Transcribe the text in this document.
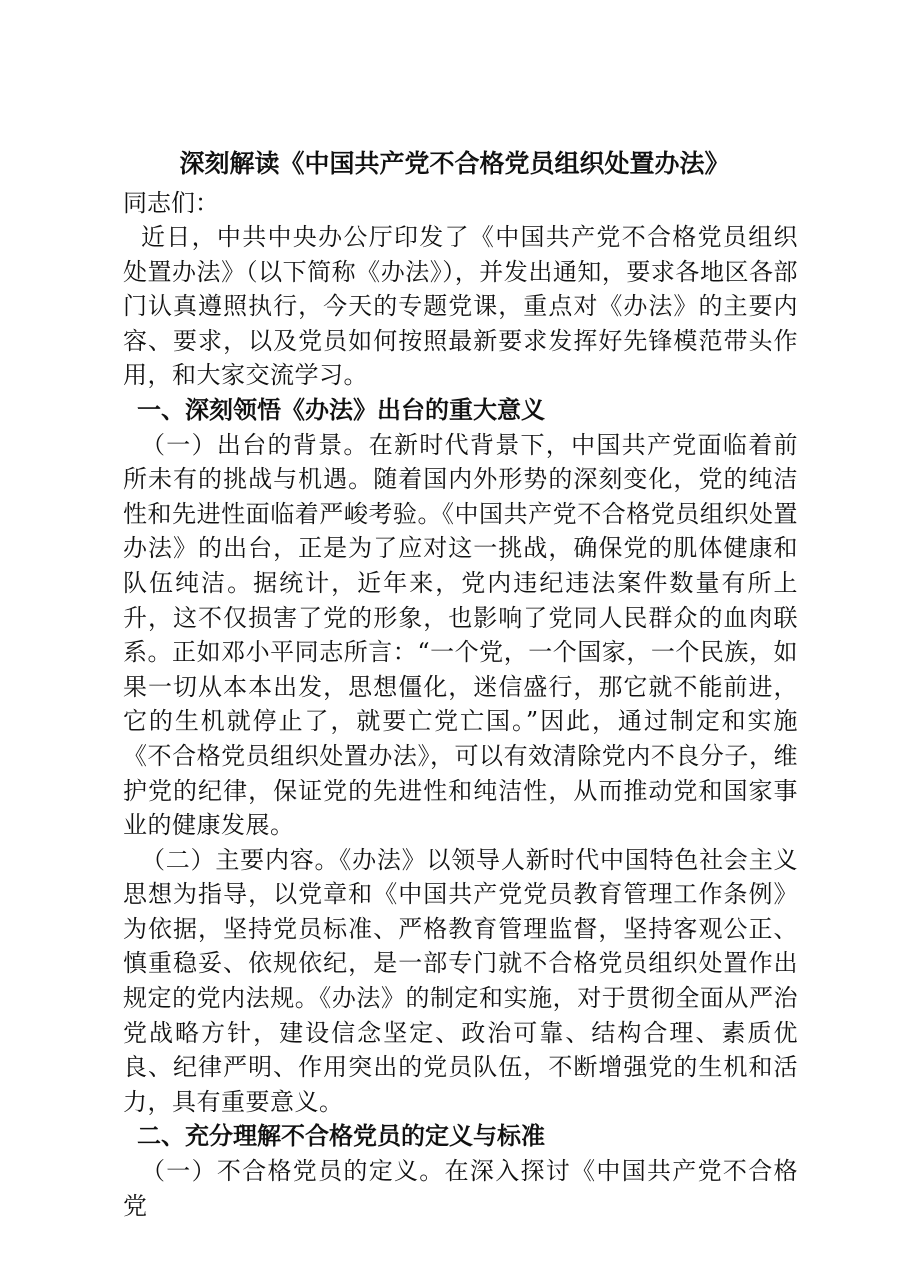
深刻解读《中国共产党不合格党员组织处置办法》

同志们：

近日，中共中央办公厅印发了《中国共产党不合格党员组织处置办法》（以下简称《办法》），并发出通知，要求各地区各部门认真遵照执行，今天的专题党课，重点对《办法》的主要内容、要求，以及党员如何按照最新要求发挥好先锋模范带头作用，和大家交流学习。

一、深刻领悟《办法》出台的重大意义

（一）出台的背景。在新时代背景下，中国共产党面临着前所未有的挑战与机遇。随着国内外形势的深刻变化，党的纯洁性和先进性面临着严峻考验。《中国共产党不合格党员组织处置办法》的出台，正是为了应对这一挑战，确保党的肌体健康和队伍纯洁。据统计，近年来，党内违纪违法案件数量有所上升，这不仅损害了党的形象，也影响了党同人民群众的血肉联系。正如邓小平同志所言：“一个党，一个国家，一个民族，如果一切从本本出发，思想僵化，迷信盛行，那它就不能前进，它的生机就停止了，就要亡党亡国。”因此，通过制定和实施《不合格党员组织处置办法》，可以有效清除党内不良分子，维护党的纪律，保证党的先进性和纯洁性，从而推动党和国家事业的健康发展。

（二）主要内容。《办法》以领导人新时代中国特色社会主义思想为指导，以党章和《中国共产党党员教育管理工作条例》为依据，坚持党员标准、严格教育管理监督，坚持客观公正、慎重稳妥、依规依纪，是一部专门就不合格党员组织处置作出规定的党内法规。《办法》的制定和实施，对于贯彻全面从严治党战略方针，建设信念坚定、政治可靠、结构合理、素质优良、纪律严明、作用突出的党员队伍，不断增强党的生机和活力，具有重要意义。

二、充分理解不合格党员的定义与标准

（一）不合格党员的定义。在深入探讨《中国共产党不合格党
